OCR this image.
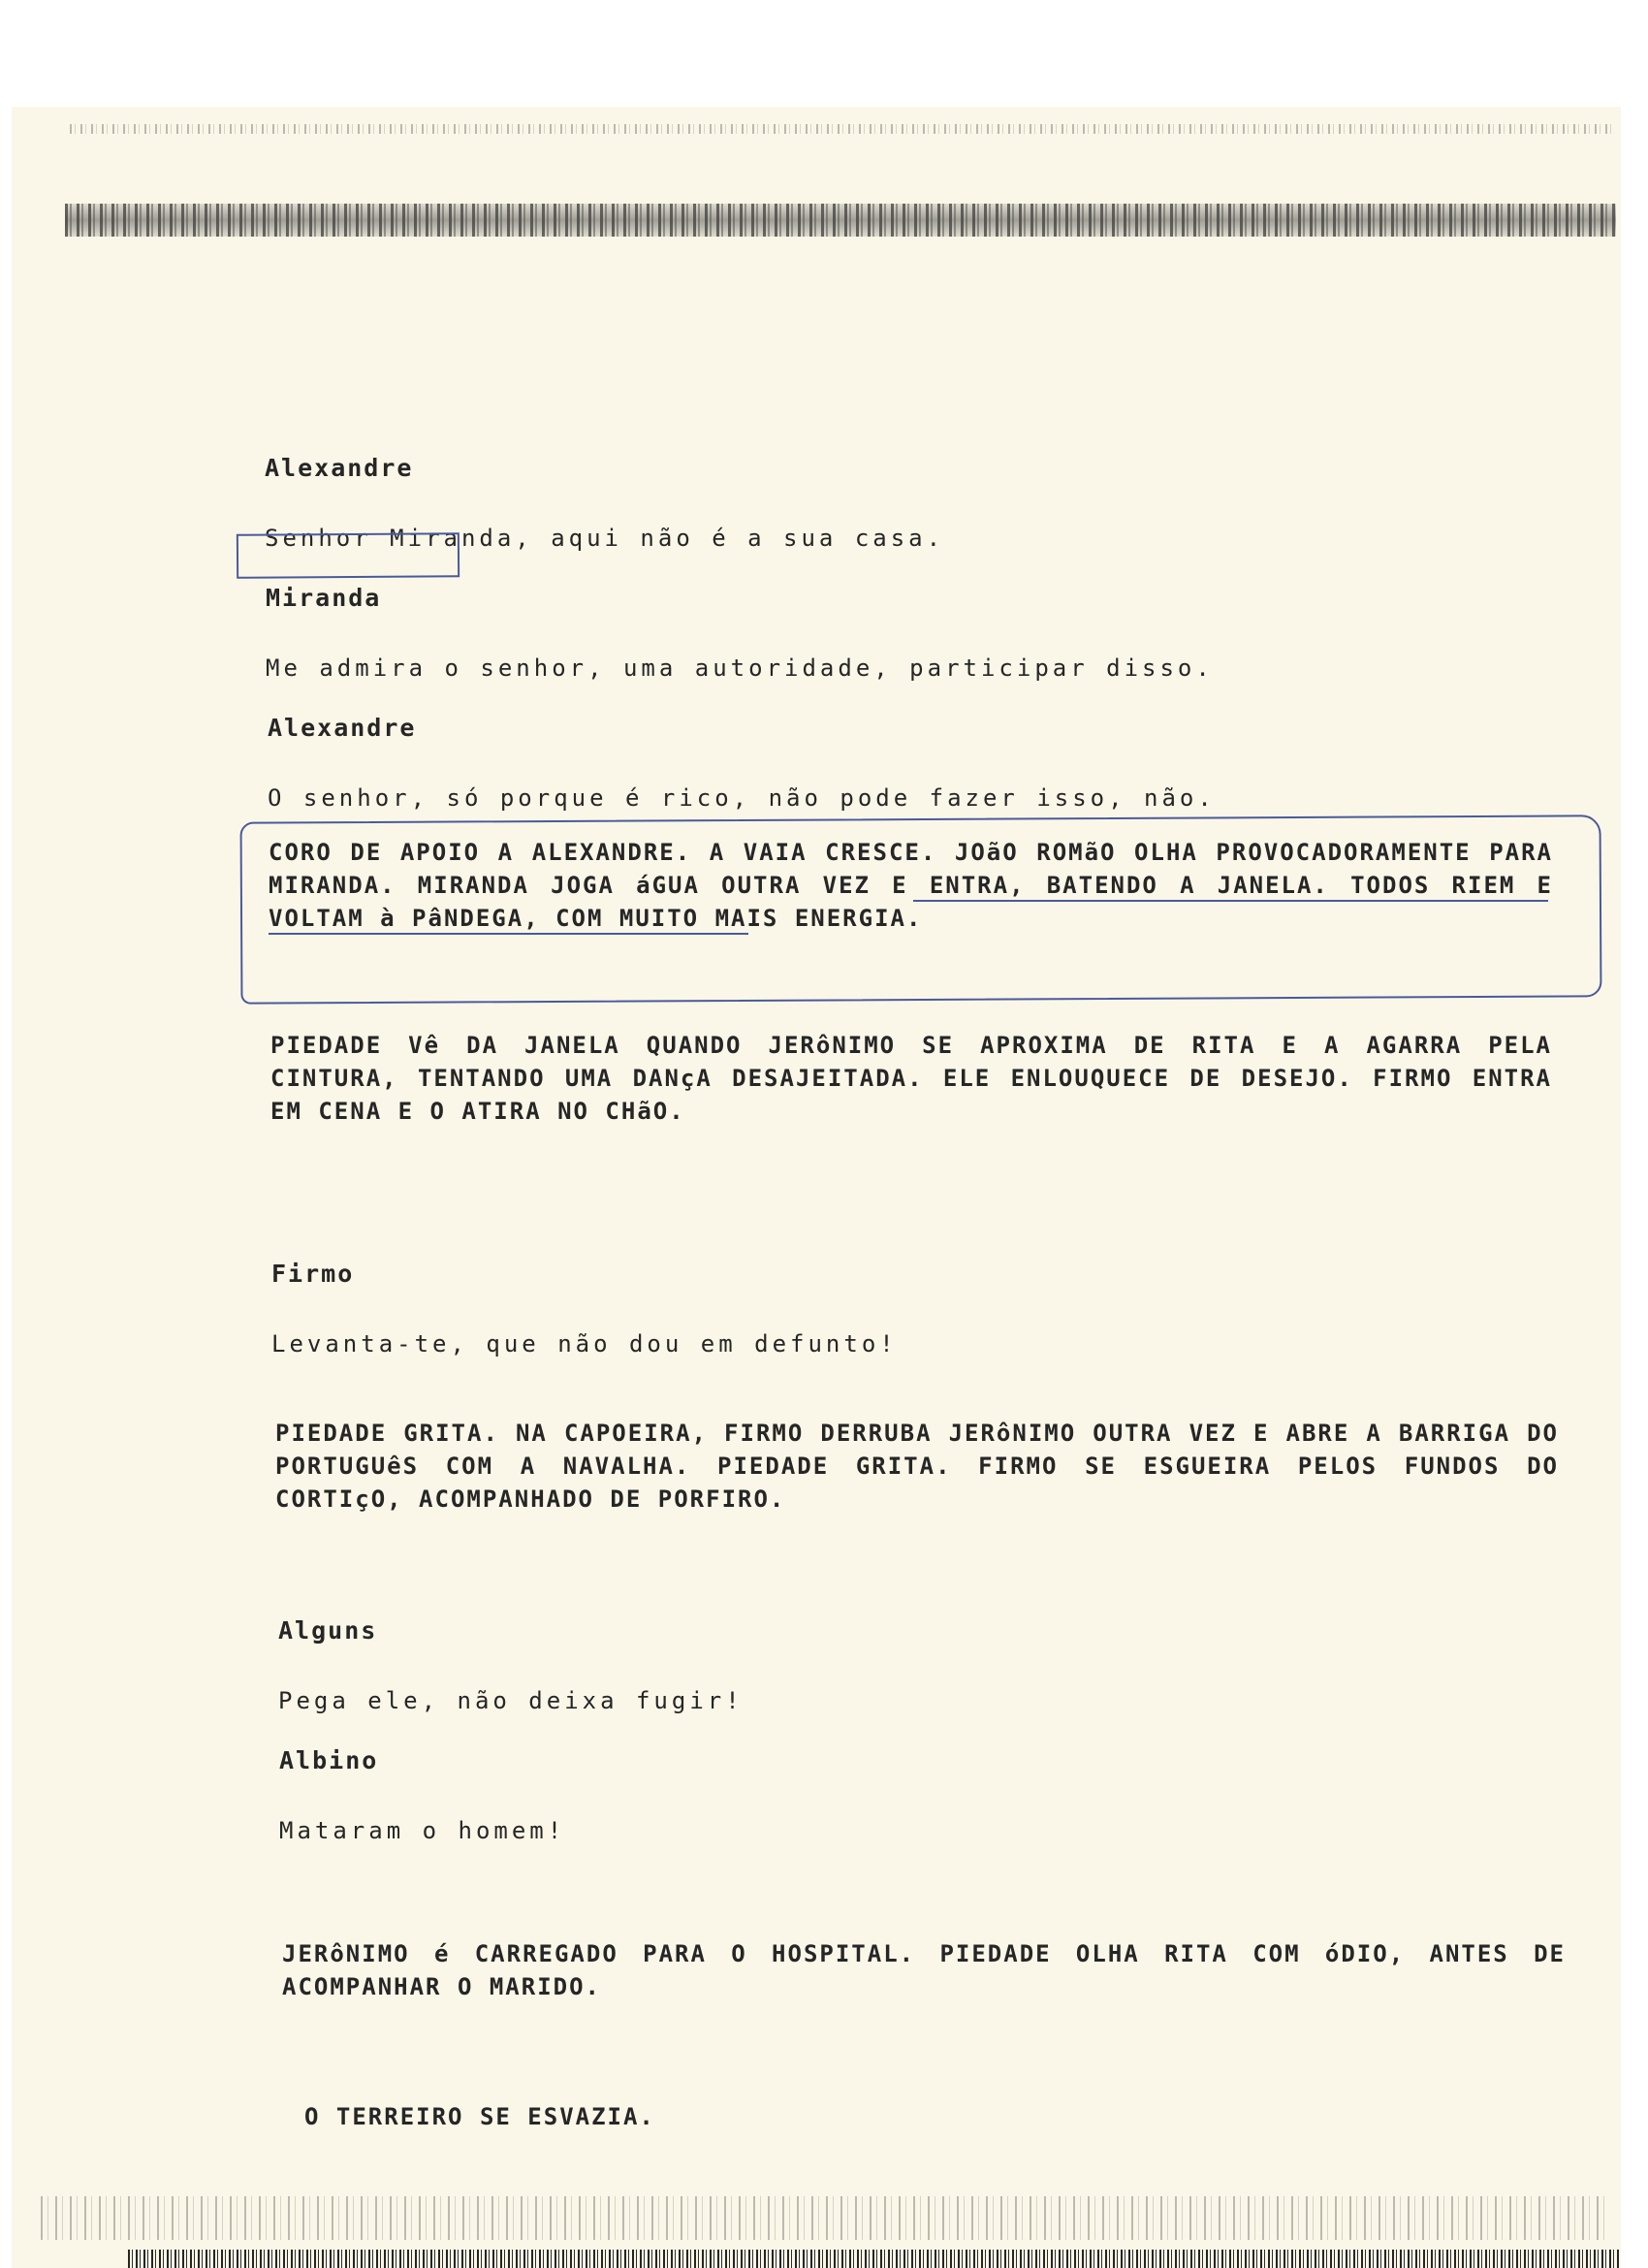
Alexandre

Senhor Miranda, aqui não é a sua casa.

Miranda

Me admira o senhor, uma autoridade, participar disso.

Alexandre

O senhor, só porque é rico, não pode fazer isso, não.

CORO DE APOIO A ALEXANDRE. A VAIA CRESCE. JOãO ROMãO OLHA PROVOCADORAMENTE PARA MIRANDA. MIRANDA JOGA áGUA OUTRA VEZ E ENTRA, BATENDO A JANELA. TODOS RIEM E VOLTAM à PâNDEGA, COM MUITO MAIS ENERGIA.
PIEDADE Vê DA JANELA QUANDO JERôNIMO SE APROXIMA DE RITA E A AGARRA PELA CINTURA, TENTANDO UMA DANçA DESAJEITADA. ELE ENLOUQUECE DE DESEJO. FIRMO ENTRA EM CENA E O ATIRA NO CHãO.

Firmo

Levanta-te, que não dou em defunto!

PIEDADE GRITA. NA CAPOEIRA, FIRMO DERRUBA JERôNIMO OUTRA VEZ E ABRE A BARRIGA DO PORTUGUêS COM A NAVALHA. PIEDADE GRITA. FIRMO SE ESGUEIRA PELOS FUNDOS DO CORTIçO, ACOMPANHADO DE PORFIRO.

Alguns

Pega ele, não deixa fugir!

Albino

Mataram o homem!

JERôNIMO é CARREGADO PARA O HOSPITAL. PIEDADE OLHA RITA COM óDIO, ANTES DE ACOMPANHAR O MARIDO.
O TERREIRO SE ESVAZIA.
